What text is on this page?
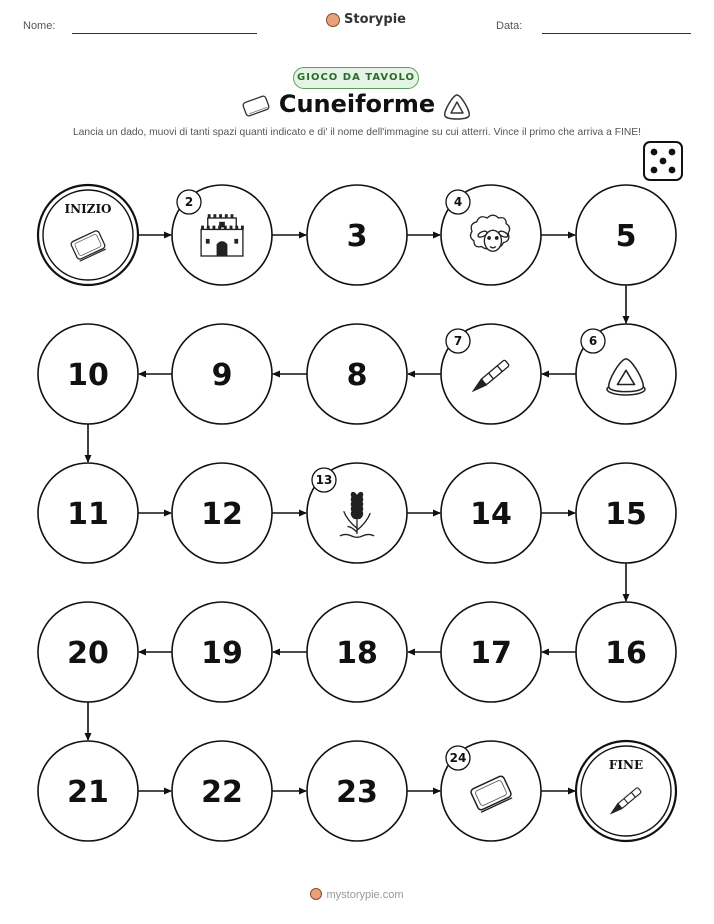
Nome:	Storypie	Data:
GIOCO DA TAVOLO
Cuneiforme
Lancia un dado, muovi di tanti spazi quanti indicato e di' il nome dell'immagine su cui atterri. Vince il primo che arriva a FINE!
INIZIO	2
3
4
5
6
7
8
9
10
11	12
13
14	15
16
17
18
19
20
21	22	23
24	FINE
mystorypie.com
